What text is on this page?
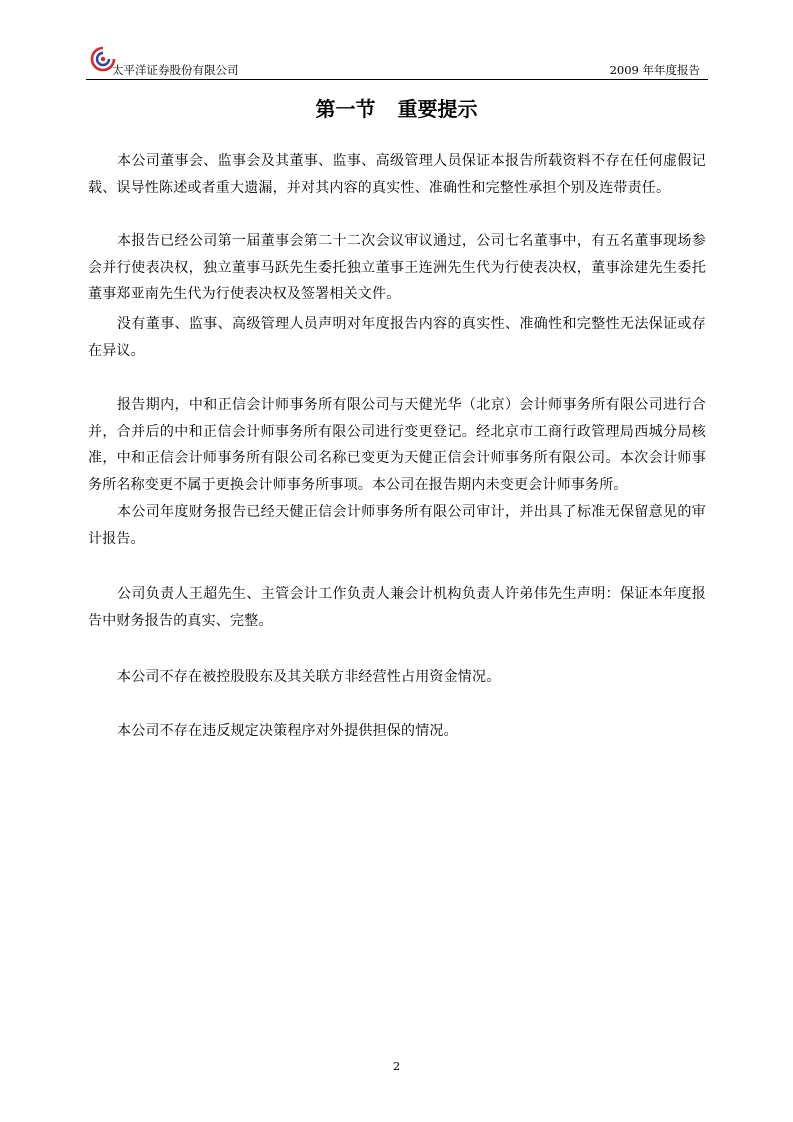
太平洋证券股份有限公司	2009 年年度报告
第一节 重要提示

本公司董事会、监事会及其董事、监事、高级管理人员保证本报告所载资料不存在任何虚假记载、误导性陈述或者重大遗漏，并对其内容的真实性、准确性和完整性承担个别及连带责任。

本报告已经公司第一届董事会第二十二次会议审议通过，公司七名董事中，有五名董事现场参会并行使表决权，独立董事马跃先生委托独立董事王连洲先生代为行使表决权，董事涂建先生委托董事郑亚南先生代为行使表决权及签署相关文件。

没有董事、监事、高级管理人员声明对年度报告内容的真实性、准确性和完整性无法保证或存在异议。

报告期内，中和正信会计师事务所有限公司与天健光华（北京）会计师事务所有限公司进行合并，合并后的中和正信会计师事务所有限公司进行变更登记。经北京市工商行政管理局西城分局核准，中和正信会计师事务所有限公司名称已变更为天健正信会计师事务所有限公司。本次会计师事务所名称变更不属于更换会计师事务所事项。本公司在报告期内未变更会计师事务所。

本公司年度财务报告已经天健正信会计师事务所有限公司审计，并出具了标准无保留意见的审计报告。

公司负责人王超先生、主管会计工作负责人兼会计机构负责人许弟伟先生声明：保证本年度报告中财务报告的真实、完整。

本公司不存在被控股股东及其关联方非经营性占用资金情况。

本公司不存在违反规定决策程序对外提供担保的情况。

2
